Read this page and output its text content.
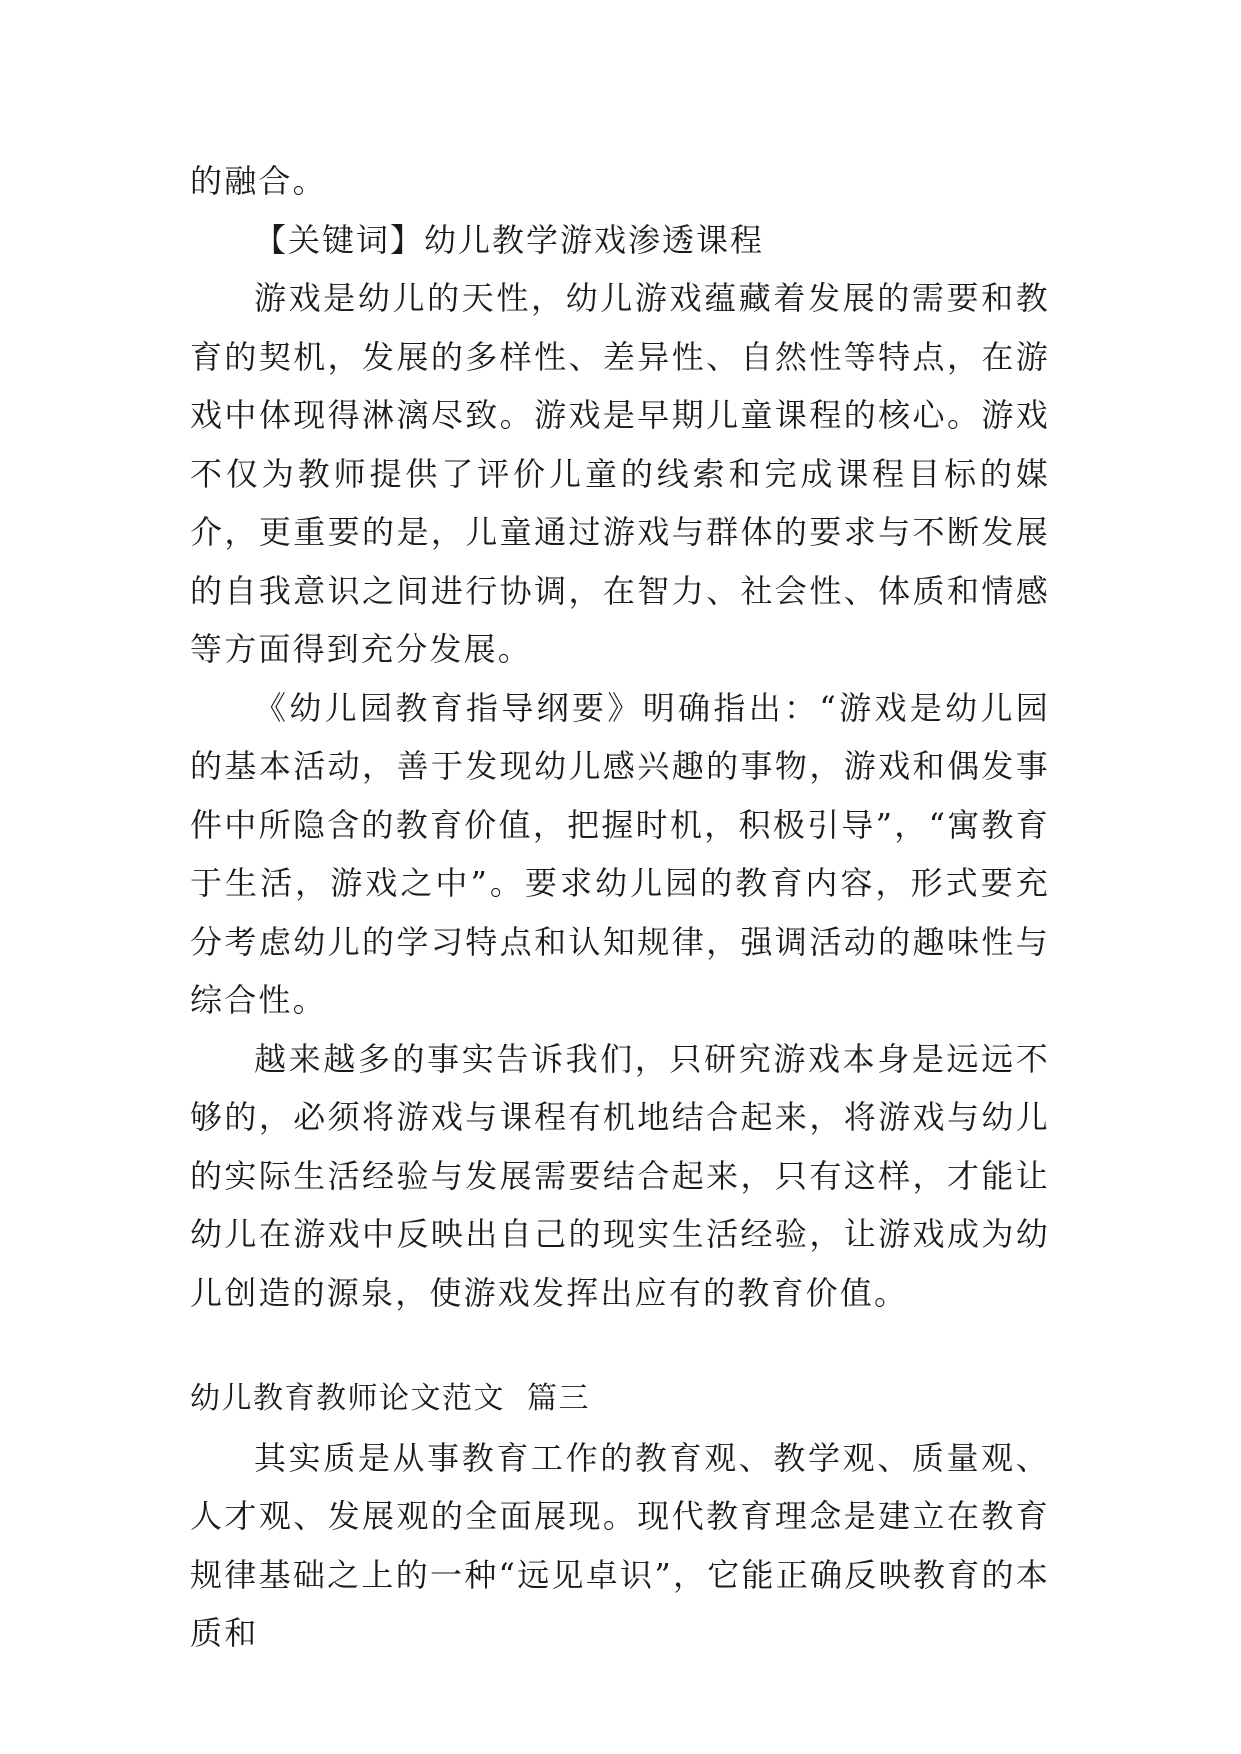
的融合。

【关键词】幼儿教学游戏渗透课程

游戏是幼儿的天性，幼儿游戏蕴藏着发展的需要和教育的契机，发展的多样性、差异性、自然性等特点，在游戏中体现得淋漓尽致。游戏是早期儿童课程的核心。游戏不仅为教师提供了评价儿童的线索和完成课程目标的媒介，更重要的是，儿童通过游戏与群体的要求与不断发展的自我意识之间进行协调，在智力、社会性、体质和情感等方面得到充分发展。

《幼儿园教育指导纲要》明确指出：“游戏是幼儿园的基本活动，善于发现幼儿感兴趣的事物，游戏和偶发事件中所隐含的教育价值，把握时机，积极引导”，“寓教育于生活，游戏之中”。要求幼儿园的教育内容，形式要充分考虑幼儿的学习特点和认知规律，强调活动的趣味性与综合性。

越来越多的事实告诉我们，只研究游戏本身是远远不够的，必须将游戏与课程有机地结合起来，将游戏与幼儿的实际生活经验与发展需要结合起来，只有这样，才能让幼儿在游戏中反映出自己的现实生活经验，让游戏成为幼儿创造的源泉，使游戏发挥出应有的教育价值。

幼儿教育教师论文范文 篇三

其实质是从事教育工作的教育观、教学观、质量观、人才观、发展观的全面展现。现代教育理念是建立在教育规律基础之上的一种“远见卓识”，它能正确反映教育的本质和
